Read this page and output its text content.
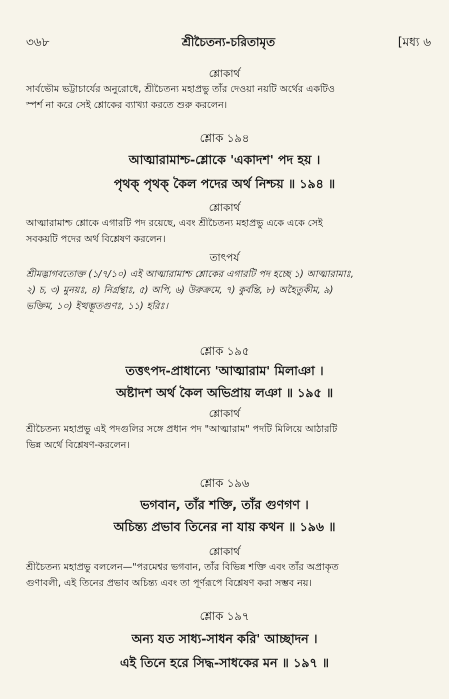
৩৬৮	শ্রীচৈতন্য-চরিতামৃত	[মধ্য ৬
শ্লোকার্থ
সার্বভৌম ভট্টাচার্যের অনুরোধে, শ্রীচৈতন্য মহাপ্রভু তাঁর দেওয়া নয়টি অর্থের একটিও
স্পর্শ না করে সেই শ্লোকের ব্যাখ্যা করতে শুরু করলেন।
শ্লোক ১৯৪
আত্মারামাশ্চ-শ্লোকে 'একাদশ' পদ হয় ।
পৃথক্ পৃথক্ কৈল পদের অর্থ নিশ্চয় ॥ ১৯৪ ॥
শ্লোকার্থ
আত্মারামাশ্চ শ্লোকে এগারটি পদ রয়েছে, এবং শ্রীচৈতন্য মহাপ্রভু একে একে সেই
সবকয়টি পদের অর্থ বিশ্লেষণ করলেন।
তাৎপর্য
শ্রীমদ্ভাগবতোক্ত (১/৭/১০) এই আত্মারামাশ্চ শ্লোকের এগারটি পদ হচ্ছে ১) আত্মারামাঃ,
২) চ, ৩) মুনয়ঃ, ৪) নির্গ্রন্থাঃ, ৫) অপি, ৬) উরুক্রমে, ৭) কুর্বন্তি, ৮) অহৈতুকীম, ৯)
ভক্তিম, ১০) ইত্থম্ভূতগুণঃ, ১১) হরিঃ।
শ্লোক ১৯৫
তত্তৎপদ-প্রাধান্যে 'আত্মারাম' মিলাঞা ।
অষ্টাদশ অর্থ কৈল অভিপ্রায় লঞা ॥ ১৯৫ ॥
শ্লোকার্থ
শ্রীচৈতন্য মহাপ্রভু এই পদগুলির সঙ্গে প্রধান পদ "আত্মারাম" পদটি মিলিয়ে আঠারটি
ভিন্ন অর্থে বিশ্লেষণ-করলেন।
শ্লোক ১৯৬
ভগবান, তাঁর শক্তি, তাঁর গুণগণ ।
অচিন্ত্য প্রভাব তিনের না যায় কথন ॥ ১৯৬ ॥
শ্লোকার্থ
শ্রীচৈতন্য মহাপ্রভু বললেন—"পরমেশ্বর ভগবান, তাঁর বিভিন্ন শক্তি এবং তাঁর অপ্রাকৃত
গুণাবলী, এই তিনের প্রভাব অচিন্ত্য এবং তা পূর্ণরূপে বিশ্লেষণ করা সম্ভব নয়।
শ্লোক ১৯৭
অন্য যত সাধ্য-সাধন করি' আচ্ছাদন ।
এই তিনে হরে সিদ্ধ-সাধকের মন ॥ ১৯৭ ॥
